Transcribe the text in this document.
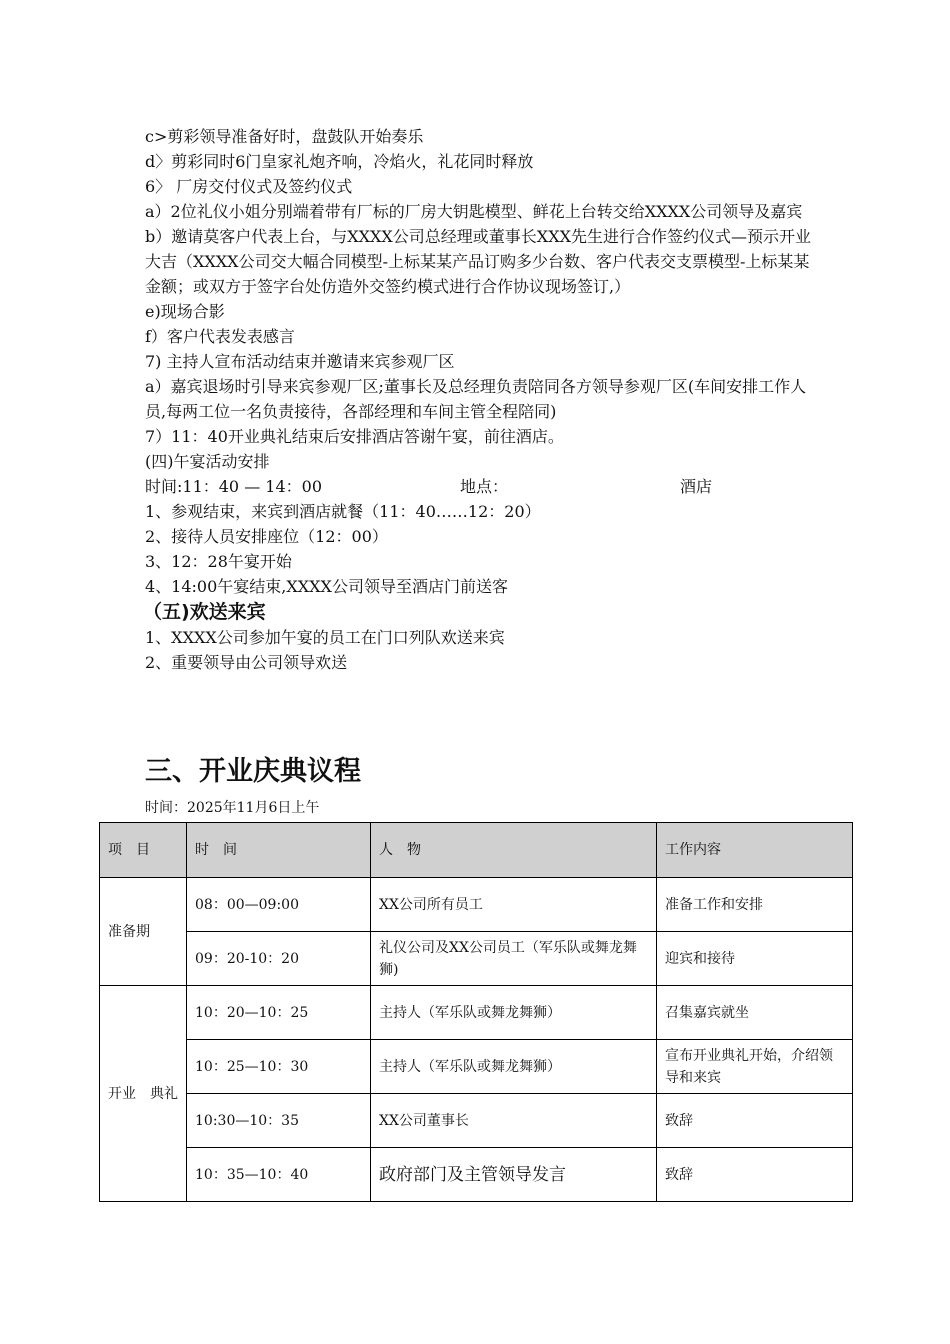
c>剪彩领导准备好时，盘鼓队开始奏乐
d〉剪彩同时6门皇家礼炮齐响，冷焰火，礼花同时释放
6〉 厂房交付仪式及签约仪式
a）2位礼仪小姐分别端着带有厂标的厂房大钥匙模型、鲜花上台转交给XXXX公司领导及嘉宾
b）邀请莫客户代表上台，与XXXX公司总经理或董事长XXX先生进行合作签约仪式—预示开业大吉（XXXX公司交大幅合同模型-上标某某产品订购多少台数、客户代表交支票模型-上标某某金额；或双方于签字台处仿造外交签约模式进行合作协议现场签订,）
e)现场合影
f）客户代表发表感言
7) 主持人宣布活动结束并邀请来宾参观厂区
a）嘉宾退场时引导来宾参观厂区;董事长及总经理负责陪同各方领导参观厂区(车间安排工作人员,每两工位一名负责接待，各部经理和车间主管全程陪同)
7）11：40开业典礼结束后安排酒店答谢午宴，前往酒店。
(四)午宴活动安排
时间:11：40 — 14：00	地点：	酒店
1、参观结束，来宾到酒店就餐（11：40……12：20）
2、接待人员安排座位（12：00）
3、12：28午宴开始
4、14:00午宴结束,XXXX公司领导至酒店门前送客
（五)欢送来宾
1、XXXX公司参加午宴的员工在门口列队欢送来宾
2、重要领导由公司领导欢送
三、开业庆典议程
时间：2025年11月6日上午
项　目	时　间	人　物	工作内容
准备期	08：00—09:00	XX公司所有员工	准备工作和安排
	09：20-10：20	礼仪公司及XX公司员工（军乐队或舞龙舞狮)	迎宾和接待
开业　典礼	10：20—10：25	主持人（军乐队或舞龙舞狮）	召集嘉宾就坐
	10：25—10：30	主持人（军乐队或舞龙舞狮）	宣布开业典礼开始，介绍领导和来宾
	10:30—10：35	XX公司董事长	致辞
	10：35—10：40	政府部门及主管领导发言	致辞
